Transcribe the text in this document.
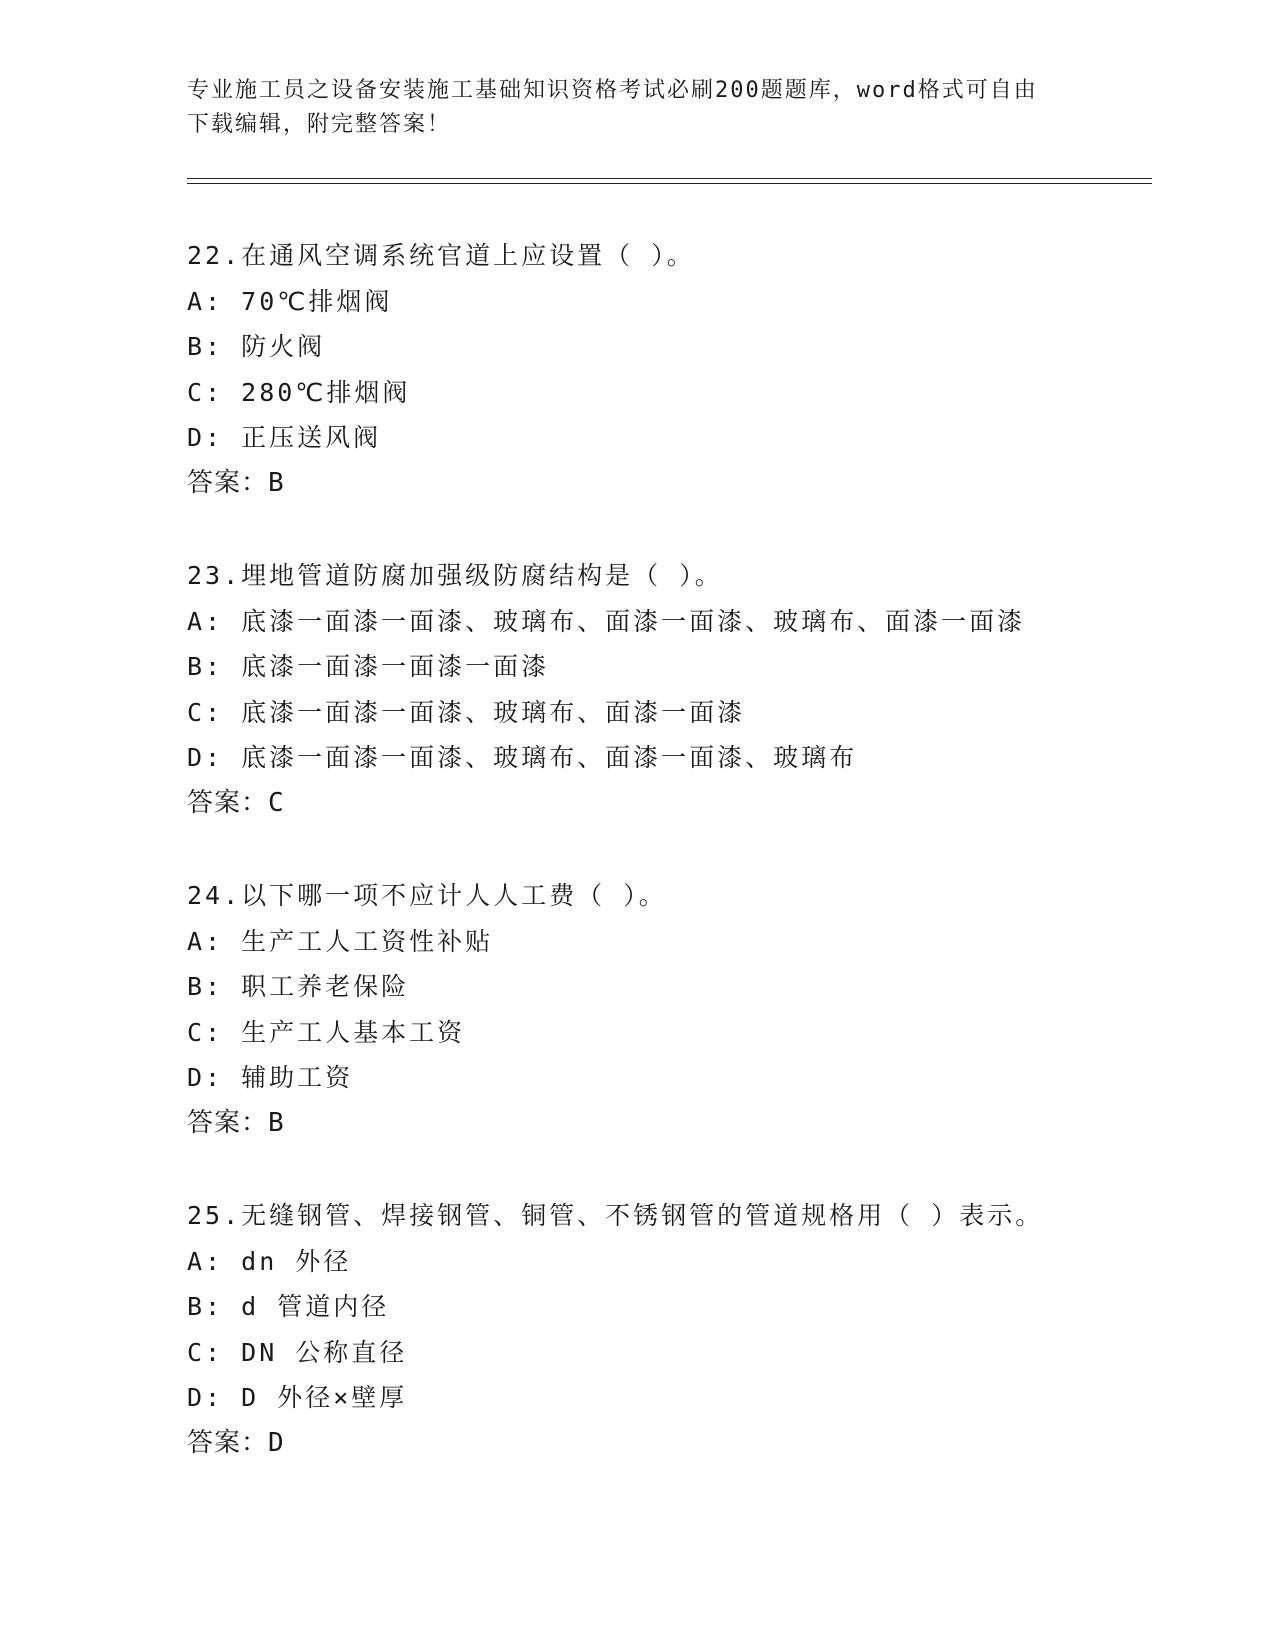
专业施工员之设备安装施工基础知识资格考试必刷200题题库，word格式可自由
下载编辑，附完整答案！
22.在通风空调系统官道上应设置（ ）。
A: 70℃排烟阀
B: 防火阀
C: 280℃排烟阀
D: 正压送风阀
答案：B
23.埋地管道防腐加强级防腐结构是（ ）。
A: 底漆一面漆一面漆、玻璃布、面漆一面漆、玻璃布、面漆一面漆
B: 底漆一面漆一面漆一面漆
C: 底漆一面漆一面漆、玻璃布、面漆一面漆
D: 底漆一面漆一面漆、玻璃布、面漆一面漆、玻璃布
答案：C
24.以下哪一项不应计人人工费（ ）。
A: 生产工人工资性补贴
B: 职工养老保险
C: 生产工人基本工资
D: 辅助工资
答案：B
25.无缝钢管、焊接钢管、铜管、不锈钢管的管道规格用（ ）表示。
A: dn 外径
B: d 管道内径
C: DN 公称直径
D: D 外径×壁厚
答案：D
